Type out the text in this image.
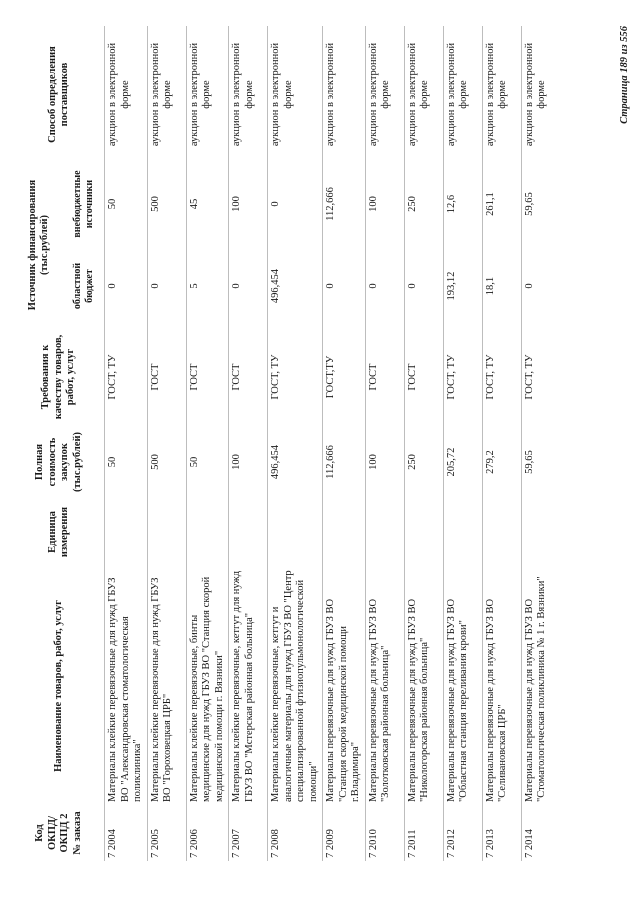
Код ОКПД/ ОКПД 2 № заказа	Наименование товаров, работ, услуг	Единица измерения	Полная стоимость закупок (тыс.рублей)	Требования к качеству товаров, работ, услуг	Источник финансирования (тыс.рублей)		Способ определения поставщиков
					областной бюджет	внебюджетные источники	
7 2004	Материалы клейкие перевязочные для нужд ГБУЗ ВО "Александровская стоматологическая поликлиника"		50	ГОСТ, ТУ	0	50	аукцион в электронной форме
7 2005	Материалы клейкие перевязочные для нужд ГБУЗ ВО "Гороховецкая ЦРБ"		500	ГОСТ	0	500	аукцион в электронной форме
7 2006	Материалы клейкие перевязочные, бинты медицинские для нужд ГБУЗ ВО "Станция скорой медицинской помощи г. Вязники"		50	ГОСТ	5	45	аукцион в электронной форме
7 2007	Материалы клейкие перевязочные, кетгут для нужд ГБУЗ ВО "Мстерская районная больница"		100	ГОСТ	0	100	аукцион в электронной форме
7 2008	Материалы клейкие перевязочные, кетгут и аналогичные материалы для нужд ГБУЗ ВО "Центр специализированной фтизиопульмонологической помощи"		496,454	ГОСТ, ТУ	496,454	0	аукцион в электронной форме
7 2009	Материалы перевязочные для нужд ГБУЗ ВО "Станция скорой медицинской помощи г.Владимира"		112,666	ГОСТ,ТУ	0	112,666	аукцион в электронной
7 2010	Материалы перевязочные для нужд ГБУЗ ВО "Золотковская районная больница"		100	ГОСТ	0	100	аукцион в электронной форме
7 2011	Материалы перевязочные для нужд ГБУЗ ВО "Никологорская районная больница"		250	ГОСТ	0	250	аукцион в электронной форме
7 2012	Материалы перевязочные для нужд ГБУЗ ВО "Областная станция переливания крови"		205,72	ГОСТ, ТУ	193,12	12,6	аукцион в электронной форме
7 2013	Материалы перевязочные для нужд ГБУЗ ВО "Селивановская ЦРБ"		279,2	ГОСТ, ТУ	18,1	261,1	аукцион в электронной форме
7 2014	Материалы перевязочные для нужд ГБУЗ ВО "Стоматологическая поликлиника № 1 г. Вязники"		59,65	ГОСТ, ТУ	0	59,65	аукцион в электронной форме	Страница 189 из 556
